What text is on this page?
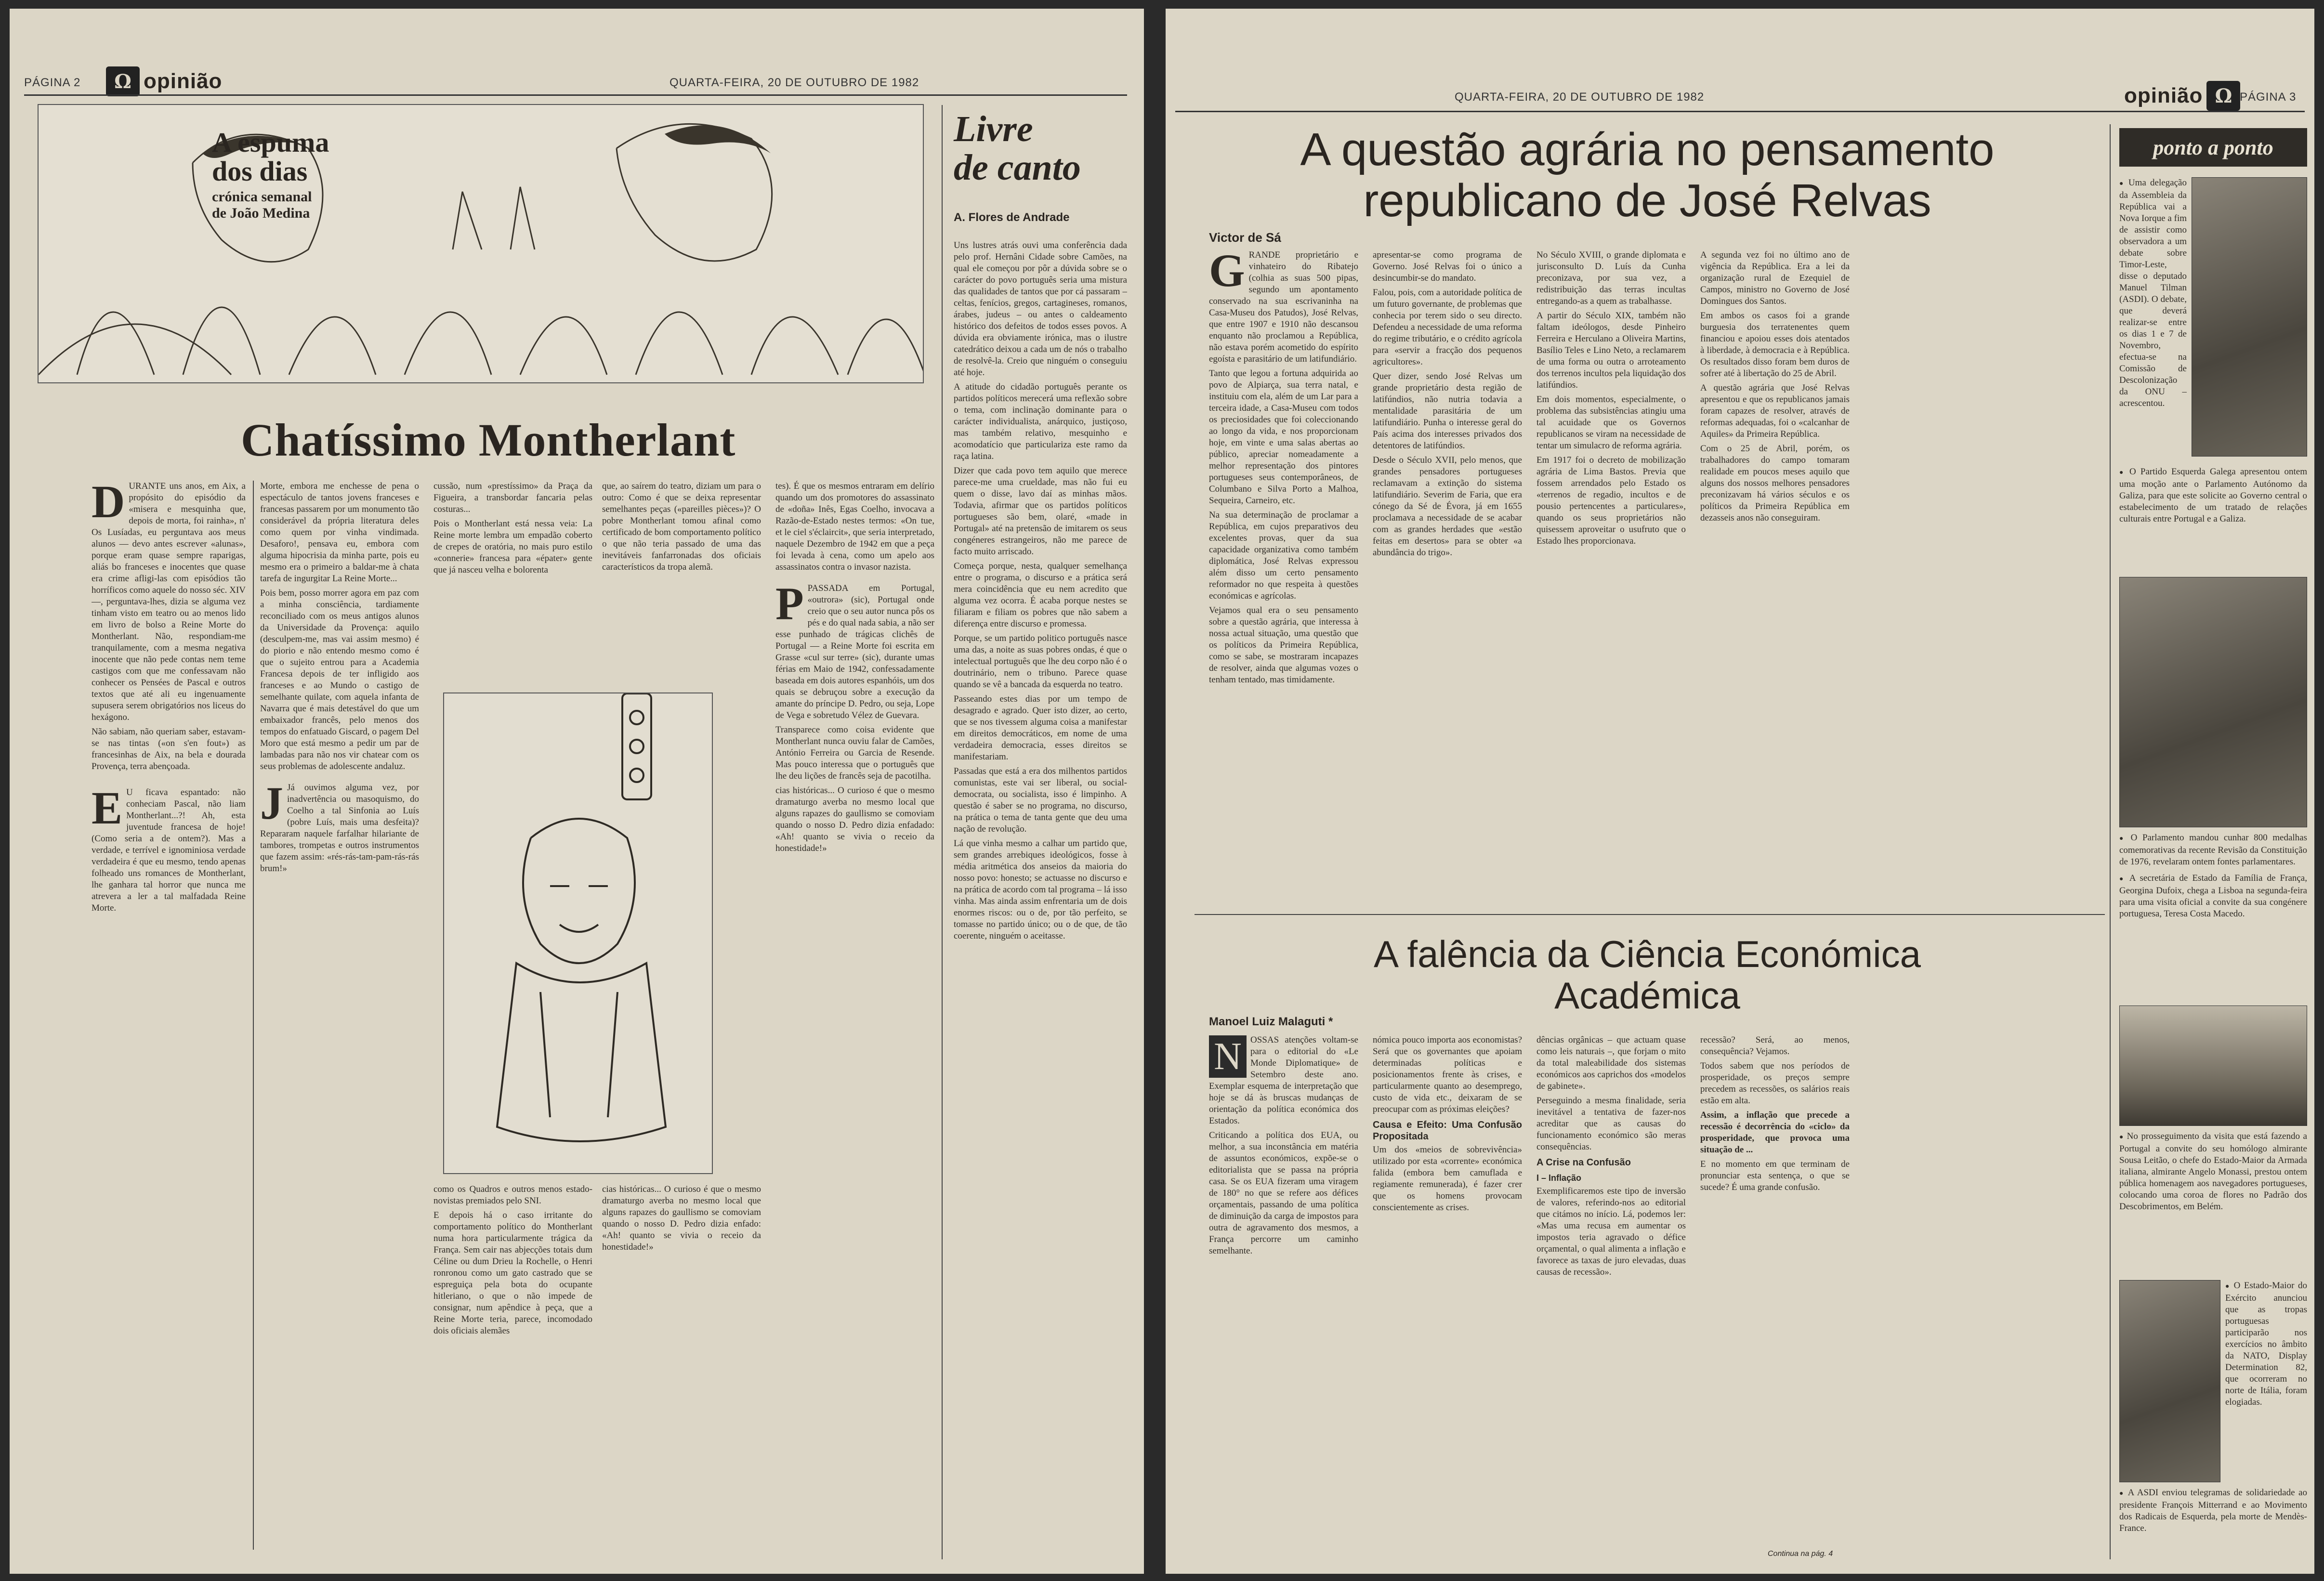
PÁGINA 2	Ω opinião	QUARTA-FEIRA, 20 DE OUTUBRO DE 1982
A espuma
dos dias
crónica semanal
de João Medina
Chatíssimo Montherlant

DURANTE uns anos, em Aix, a propósito do episódio da «misera e mesquinha que, depois de morta, foi rainha», n' Os Lusíadas, eu perguntava aos meus alunos — devo antes escrever «alunas», porque eram quase sempre raparigas, aliás bo franceses e inocentes que quase era crime afligi-las com episódios tão horríficos como aquele do nosso séc. XIV —, perguntava-lhes, dizia se alguma vez tinham visto em teatro ou ao menos lido em livro de bolso a Reine Morte do Montherlant. Não, respondiam-me tranquilamente, com a mesma negativa inocente que não pede contas nem teme castigos com que me confessavam não conhecer os Pensées de Pascal e outros textos que até ali eu ingenuamente supusera serem obrigatórios nos liceus do hexágono.

Não sabiam, não queriam saber, estavam-se nas tintas («on s'en fout») as francesinhas de Aix, na bela e dourada Provença, terra abençoada.

E U ficava espantado: não conheciam Pascal, não liam Montherlant...?! Ah, esta juventude francesa de hoje! (Como seria a de ontem?). Mas a verdade, e terrível e ignominiosa verdade verdadeira é que eu mesmo, tendo apenas folheado uns romances de Montherlant, lhe ganhara tal horror que nunca me atrevera a ler a tal malfadada Reine Morte.

Morte, embora me enchesse de pena o espectáculo de tantos jovens franceses e francesas passarem por um monumento tão considerável da própria literatura deles como quem por vinha vindimada. Desaforo!, pensava eu, embora com alguma hipocrisia da minha parte, pois eu mesmo era o primeiro a baldar-me à chata tarefa de ingurgitar La Reine Morte...

Pois bem, posso morrer agora em paz com a minha consciência, tardiamente reconciliado com os meus antigos alunos da Universidade da Provença: aquilo (desculpem-me, mas vai assim mesmo) é do piorio e não entendo mesmo como é que o sujeito entrou para a Academia Francesa depois de ter infligido aos franceses e ao Mundo o castigo de semelhante quilate, com aquela infanta de Navarra que é mais detestável do que um embaixador francês, pelo menos dos tempos do enfatuado Giscard, o pagem Del Moro que está mesmo a pedir um par de lambadas para não nos vir chatear com os seus problemas de adolescente andaluz.

J Já ouvimos alguma vez, por inadvertência ou masoquismo, do Coelho a tal Sinfonia ao Luís (pobre Luís, mais uma desfeita)? Repararam naquele farfalhar hilariante de tambores, trompetas e outros instrumentos que fazem assim: «rés-rás-tam-pam-rás-rás brum!»

cussão, num «prestíssimo» da Praça da Figueira, a transbordar fancaria pelas costuras...

Pois o Montherlant está nessa veia: La Reine morte lembra um empadão coberto de crepes de oratória, no mais puro estilo «connerie» francesa para «épater» gente que já nasceu velha e bolorenta

que, ao saírem do teatro, diziam um para o outro: Como é que se deixa representar semelhantes peças («pareilles pièces»)? O pobre Montherlant tomou afinal como certificado de bom comportamento político o que não teria passado de uma das inevitáveis fanfarronadas dos oficiais característicos da tropa alemã.

como os Quadros e outros menos estado-novistas premiados pelo SNI.

E depois há o caso irritante do comportamento político do Montherlant numa hora particularmente trágica da França. Sem cair nas abjecções totais dum Céline ou dum Drieu la Rochelle, o Henri ronronou como um gato castrado que se espreguiça pela bota do ocupante hitleriano, o que o não impede de consignar, num apêndice à peça, que a Reine Morte teria, parece, incomodado dois oficiais alemães

cias históricas... O curioso é que o mesmo dramaturgo averba no mesmo local que alguns rapazes do gaullismo se comoviam quando o nosso D. Pedro dizia enfado: «Ah! quanto se vivia o receio da honestidade!»

tes). É que os mesmos entraram em delírio quando um dos promotores do assassinato de «doña» Inês, Egas Coelho, invocava a Razão-de-Estado nestes termos: «On tue, et le ciel s'éclaircit», que seria interpretado, naquele Dezembro de 1942 em que a peça foi levada à cena, como um apelo aos assassinatos contra o invasor nazista.

PPASSADA em Portugal, «outrora» (sic), Portugal onde creio que o seu autor nunca pôs os pés e do qual nada sabia, a não ser esse punhado de trágicas clichês de Portugal — a Reine Morte foi escrita em Grasse «cul sur terre» (sic), durante umas férias em Maio de 1942, confessadamente baseada em dois autores espanhóis, um dos quais se debruçou sobre a execução da amante do príncipe D. Pedro, ou seja, Lope de Vega e sobretudo Vélez de Guevara.

Transparece como coisa evidente que Montherlant nunca ouviu falar de Camões, António Ferreira ou Garcia de Resende. Mas pouco interessa que o português que lhe deu lições de francês seja de pacotilha.

cias históricas... O curioso é que o mesmo dramaturgo averba no mesmo local que alguns rapazes do gaullismo se comoviam quando o nosso D. Pedro dizia enfadado: «Ah! quanto se vivia o receio da honestidade!»

Livre
de canto
A. Flores de Andrade

Uns lustres atrás ouvi uma conferência dada pelo prof. Hernâni Cidade sobre Camões, na qual ele começou por pôr a dúvida sobre se o carácter do povo português seria uma mistura das qualidades de tantos que por cá passaram – celtas, fenícios, gregos, cartagineses, romanos, árabes, judeus – ou antes o caldeamento histórico dos defeitos de todos esses povos. A dúvida era obviamente irónica, mas o ilustre catedrático deixou a cada um de nós o trabalho de resolvê-la. Creio que ninguém o conseguiu até hoje.

A atitude do cidadão português perante os partidos políticos merecerá uma reflexão sobre o tema, com inclinação dominante para o carácter individualista, anárquico, justiçoso, mas também relativo, mesquinho e acomodatício que particulariza este ramo da raça latina.

Dizer que cada povo tem aquilo que merece parece-me uma crueldade, mas não fui eu quem o disse, lavo daí as minhas mãos. Todavia, afirmar que os partidos políticos portugueses são bem, olaré, «made in Portugal» até na pretensão de imitarem os seus congéneres estrangeiros, não me parece de facto muito arriscado.

Começa porque, nesta, qualquer semelhança entre o programa, o discurso e a prática será mera coincidência que eu nem acredito que alguma vez ocorra. É acaba porque nestes se filiaram e filiam os pobres que não sabem a diferença entre discurso e promessa.

Porque, se um partido politico português nasce uma das, a noite as suas pobres ondas, é que o intelectual português que lhe deu corpo não é o doutrinário, nem o tribuno. Parece quase quando se vê a bancada da esquerda no teatro.

Passeando estes dias por um tempo de desagrado e agrado. Quer isto dizer, ao certo, que se nos tivessem alguma coisa a manifestar em direitos democráticos, em nome de uma verdadeira democracia, esses direitos se manifestariam.

Passadas que está a era dos milhentos partidos comunistas, este vai ser liberal, ou social-democrata, ou socialista, isso é limpinho. A questão é saber se no programa, no discurso, na prática o tema de tanta gente que deu uma nação de revolução.

Lá que vinha mesmo a calhar um partido que, sem grandes arrebiques ideológicos, fosse à média aritmética dos anseios da maioria do nosso povo: honesto; se actuasse no discurso e na prática de acordo com tal programa – lá isso vinha. Mas ainda assim enfrentaria um de dois enormes riscos: ou o de, por tão perfeito, se tomasse no partido único; ou o de que, de tão coerente, ninguém o aceitasse.

QUARTA-FEIRA, 20 DE OUTUBRO DE 1982	opinião Ω PÁGINA 3
A questão agrária no pensamento
republicano de José Relvas
Victor de Sá

GRANDE proprietário e vinhateiro do Ribatejo (colhia as suas 500 pipas, segundo um apontamento conservado na sua escrivaninha na Casa-Museu dos Patudos), José Relvas, que entre 1907 e 1910 não descansou enquanto não proclamou a República, não estava porém acometido do espírito egoísta e parasitário de um latifundiário.

Tanto que legou a fortuna adquirida ao povo de Alpiarça, sua terra natal, e instituiu com ela, além de um Lar para a terceira idade, a Casa-Museu com todos os preciosidades que foi coleccionando ao longo da vida, e nos proporcionam hoje, em vinte e uma salas abertas ao público, apreciar nomeadamente a melhor representação dos pintores portugueses seus contemporâneos, de Columbano e Silva Porto a Malhoa, Sequeira, Carneiro, etc.

Na sua determinação de proclamar a República, em cujos preparativos deu excelentes provas, quer da sua capacidade organizativa como também diplomática, José Relvas expressou além disso um certo pensamento reformador no que respeita à questões económicas e agrícolas.

Vejamos qual era o seu pensamento sobre a questão agrária, que interessa à nossa actual situação, uma questão que os políticos da Primeira República, como se sabe, se mostraram incapazes de resolver, ainda que algumas vozes o tenham tentado, mas timidamente.

apresentar-se como programa de Governo. José Relvas foi o único a desincumbir-se do mandato.

Falou, pois, com a autoridade política de um futuro governante, de problemas que conhecia por terem sido o seu directo. Defendeu a necessidade de uma reforma do regime tributário, e o crédito agrícola para «servir a fracção dos pequenos agricultores».

Quer dizer, sendo José Relvas um grande proprietário desta região de latifúndios, não nutria todavia a mentalidade parasitária de um latifundiário. Punha o interesse geral do País acima dos interesses privados dos detentores de latifúndios.

Desde o Século XVII, pelo menos, que grandes pensadores portugueses reclamavam a extinção do sistema latifundiário. Severim de Faria, que era cónego da Sé de Évora, já em 1655 proclamava a necessidade de se acabar com as grandes herdades que «estão feitas em desertos» para se obter «a abundância do trigo».

No Século XVIII, o grande diplomata e jurisconsulto D. Luís da Cunha preconizava, por sua vez, a redistribuição das terras incultas entregando-as a quem as trabalhasse.

A partir do Século XIX, também não faltam ideólogos, desde Pinheiro Ferreira e Herculano a Oliveira Martins, Basílio Teles e Lino Neto, a reclamarem de uma forma ou outra o arroteamento dos terrenos incultos pela liquidação dos latifúndios.

Em dois momentos, especialmente, o problema das subsistências atingiu uma tal acuidade que os Governos republicanos se viram na necessidade de tentar um simulacro de reforma agrária.

Em 1917 foi o decreto de mobilização agrária de Lima Bastos. Previa que fossem arrendados pelo Estado os «terrenos de regadio, incultos e de pousio pertencentes a particulares», quando os seus proprietários não quisessem aproveitar o usufruto que o Estado lhes proporcionava.

A segunda vez foi no último ano de vigência da República. Era a lei da organização rural de Ezequiel de Campos, ministro no Governo de José Domingues dos Santos.

Em ambos os casos foi a grande burguesia dos terratenentes quem financiou e apoiou esses dois atentados à liberdade, à democracia e à República. Os resultados disso foram bem duros de sofrer até à libertação do 25 de Abril.

A questão agrária que José Relvas apresentou e que os republicanos jamais foram capazes de resolver, através de reformas adequadas, foi o «calcanhar de Aquiles» da Primeira República.

Com o 25 de Abril, porém, os trabalhadores do campo tomaram realidade em poucos meses aquilo que alguns dos nossos melhores pensadores preconizavam há vários séculos e os políticos da Primeira República em dezasseis anos não conseguiram.

A falência da Ciência Económica
Académica
Manoel Luiz Malaguti *

N OSSAS atenções voltam-se para o editorial do «Le Monde Diplomatique» de Setembro deste ano. Exemplar esquema de interpretação que hoje se dá às bruscas mudanças de orientação da política económica dos Estados.

Criticando a política dos EUA, ou melhor, a sua inconstância em matéria de assuntos económicos, expõe-se o editorialista que se passa na própria casa. Se os EUA fizeram uma viragem de 180° no que se refere aos défices orçamentais, passando de uma política de diminuição da carga de impostos para outra de agravamento dos mesmos, a França percorre um caminho semelhante.

nómica pouco importa aos economistas? Será que os governantes que apoiam determinadas políticas e posicionamentos frente às crises, e particularmente quanto ao desemprego, custo de vida etc., deixaram de se preocupar com as próximas eleições?

Causa e Efeito: Uma Confusão Propositada

Um dos «meios de sobrevivência» utilizado por esta «corrente» económica falida (embora bem camuflada e regiamente remunerada), é fazer crer que os homens provocam conscientemente as crises.

dências orgânicas – que actuam quase como leis naturais –, que forjam o mito da total maleabilidade dos sistemas económicos aos caprichos dos «modelos de gabinete».

Perseguindo a mesma finalidade, seria inevitável a tentativa de fazer-nos acreditar que as causas do funcionamento económico são meras consequências.

A Crise na Confusão
I – Inflação

Exemplificaremos este tipo de inversão de valores, referindo-nos ao editorial que citámos no início. Lá, podemos ler: «Mas uma recusa em aumentar os impostos teria agravado o défice orçamental, o qual alimenta a inflação e favorece as taxas de juro elevadas, duas causas de recessão».

recessão? Será, ao menos, consequência? Vejamos.

Todos sabem que nos períodos de prosperidade, os preços sempre precedem as recessões, os salários reais estão em alta.

Assim, a inflação que precede a recessão é decorrência do «ciclo» da prosperidade, que provoca uma situação de ...

E no momento em que terminam de pronunciar esta sentença, o que se sucede? É uma grande confusão.

Continua na pág. 4
ponto a ponto

● Uma delegação da Assembleia da República vai a Nova Iorque a fim de assistir como observadora a um debate sobre Timor-Leste, disse o deputado Manuel Tilman (ASDI). O debate, que deverá realizar-se entre os dias 1 e 7 de Novembro, efectua-se na Comissão de Descolonização da ONU – acrescentou.

● O Partido Esquerda Galega apresentou ontem uma moção ante o Parlamento Autónomo da Galiza, para que este solicite ao Governo central o estabelecimento de um tratado de relações culturais entre Portugal e a Galiza.

● O Parlamento mandou cunhar 800 medalhas comemorativas da recente Revisão da Constituição de 1976, revelaram ontem fontes parlamentares.

● A secretária de Estado da Família de França, Georgina Dufoix, chega a Lisboa na segunda-feira para uma visita oficial a convite da sua congénere portuguesa, Teresa Costa Macedo.

● No prosseguimento da visita que está fazendo a Portugal a convite do seu homólogo almirante Sousa Leitão, o chefe do Estado-Maior da Armada italiana, almirante Angelo Monassi, prestou ontem pública homenagem aos navegadores portugueses, colocando uma coroa de flores no Padrão dos Descobrimentos, em Belém.

● O Estado-Maior do Exército anunciou que as tropas portuguesas participarão nos exercícios no âmbito da NATO, Display Determination 82, que ocorreram no norte de Itália, foram elogiadas.

● A ASDI enviou telegramas de solidariedade ao presidente François Mitterrand e ao Movimento dos Radicais de Esquerda, pela morte de Mendès-France.
